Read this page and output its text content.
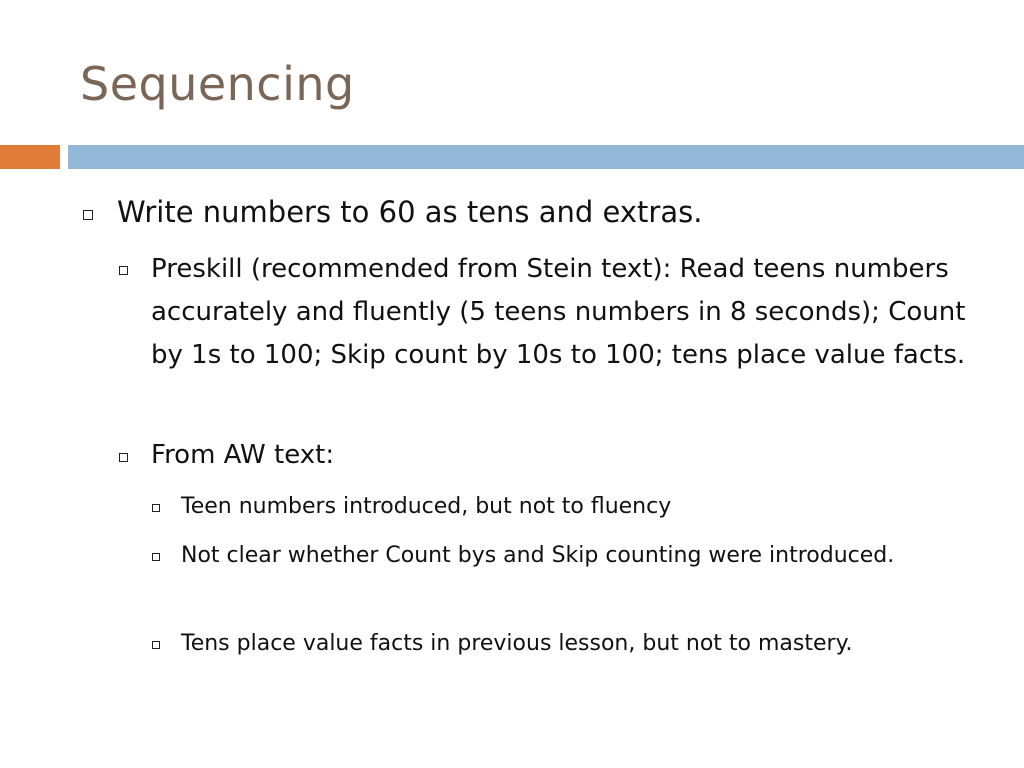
Sequencing
Write numbers to 60 as tens and extras.
Preskill (recommended from Stein text): Read teens numbers accurately and fluently (5 teens numbers in 8 seconds); Count by 1s to 100; Skip count by 10s to 100; tens place value facts.
From AW text:
Teen numbers introduced, but not to fluency
Not clear whether Count bys and Skip counting were introduced.
Tens place value facts in previous lesson, but not to mastery.
